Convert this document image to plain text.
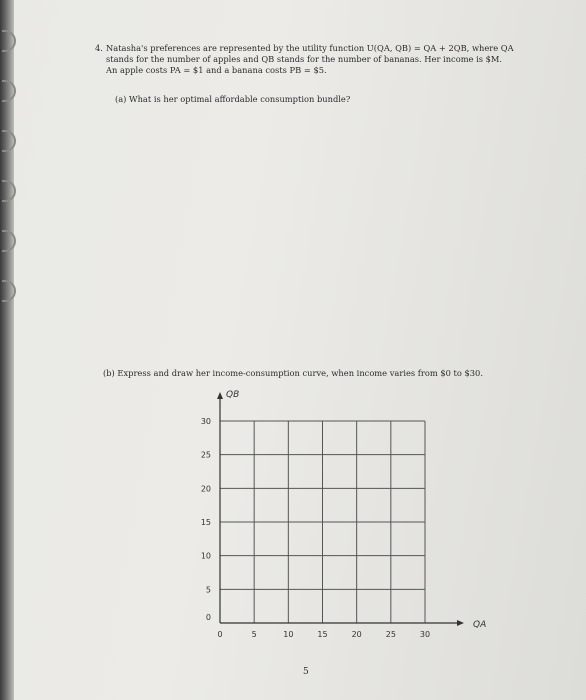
4. Natasha's preferences are represented by the utility function U(QA, QB) = QA + 2QB, where QA stands for the number of apples and QB stands for the number of bananas. Her income is $M. An apple costs PA = $1 and a banana costs PB = $5.
(a) What is her optimal affordable consumption bundle?
(b) Express and draw her income-consumption curve, when income varies from $0 to $30.
0	5	10	15	20	25	30
0
5
10
15
20
25
30
QA
QB
5
